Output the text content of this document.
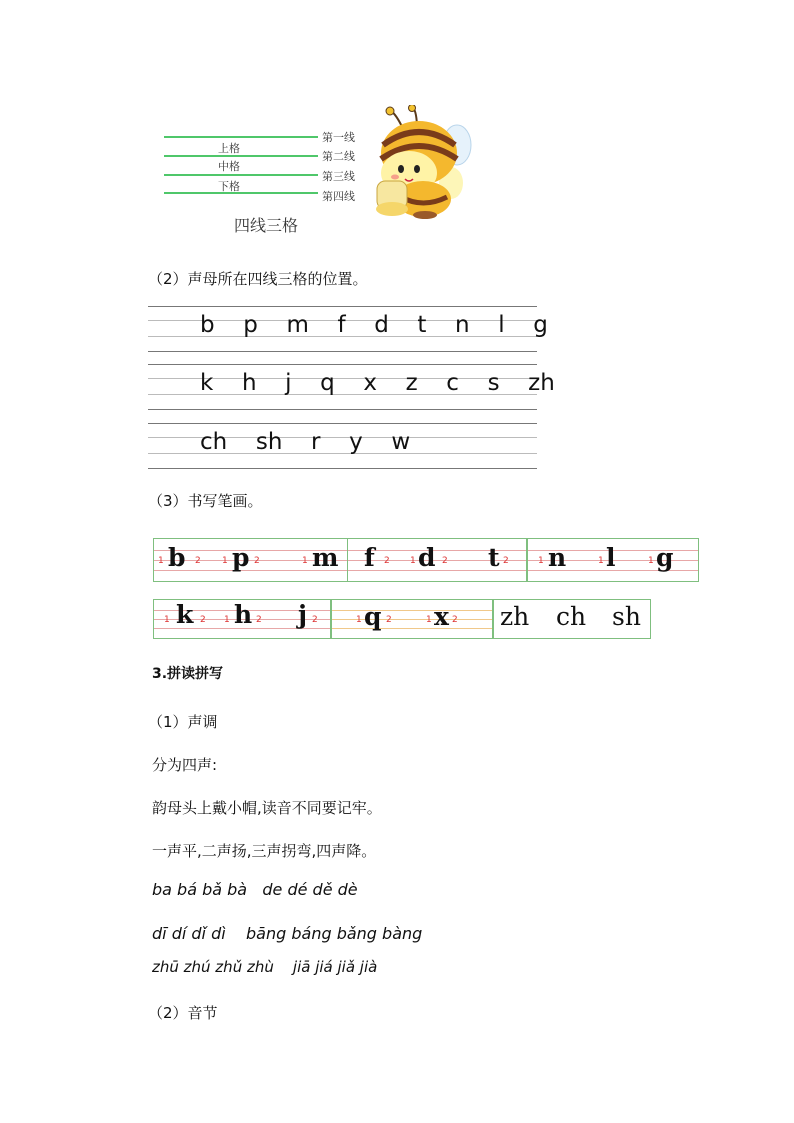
上格
中格
下格
第一线
第二线
第三线
第四线
四线三格
（2）声母所在四线三格的位置。
b  p  m  f  d  t  n  l  g
k  h  j  q  x  z  c  s  zh
ch  sh  r  y  w
（3）书写笔画。
1 b 2 1 p 2	1 m f 2 1 d 2 t 2	1 n	1 l	1 g
1 k 2 1 h 2 j 2	1 q 2	1 x 2 zh ch sh
3.拼读拼写
（1）声调
分为四声:
韵母头上戴小帽,读音不同要记牢。
一声平,二声扬,三声拐弯,四声降。
ba bá bǎ bà   de dé dě dè
dī dí dǐ dì    bāng báng bǎng bàng
zhū zhú zhǔ zhù    jiā jiá jiǎ jià
（2）音节
